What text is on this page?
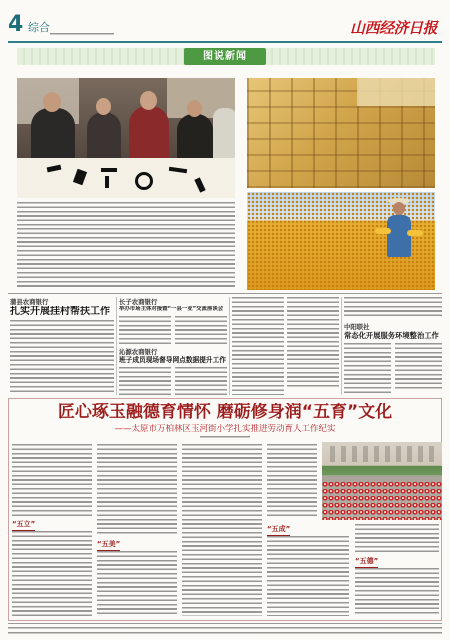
4 综合	山西经济日报
图说新闻
蒲县农商银行
扎实开展挂村帮扶工作
长子农商银行
举办市场主体对接暨“一县一业”交流座谈会
沁源农商银行
班子成员现场督导网点数据提升工作
中阳联社
常态化开展服务环境整治工作
匠心琢玉融德育情怀 磨砺修身润“五育”文化
——太原市万柏林区玉河街小学扎实推进劳动育人工作纪实
“五立”
“五美”
“五成”
“五德”
